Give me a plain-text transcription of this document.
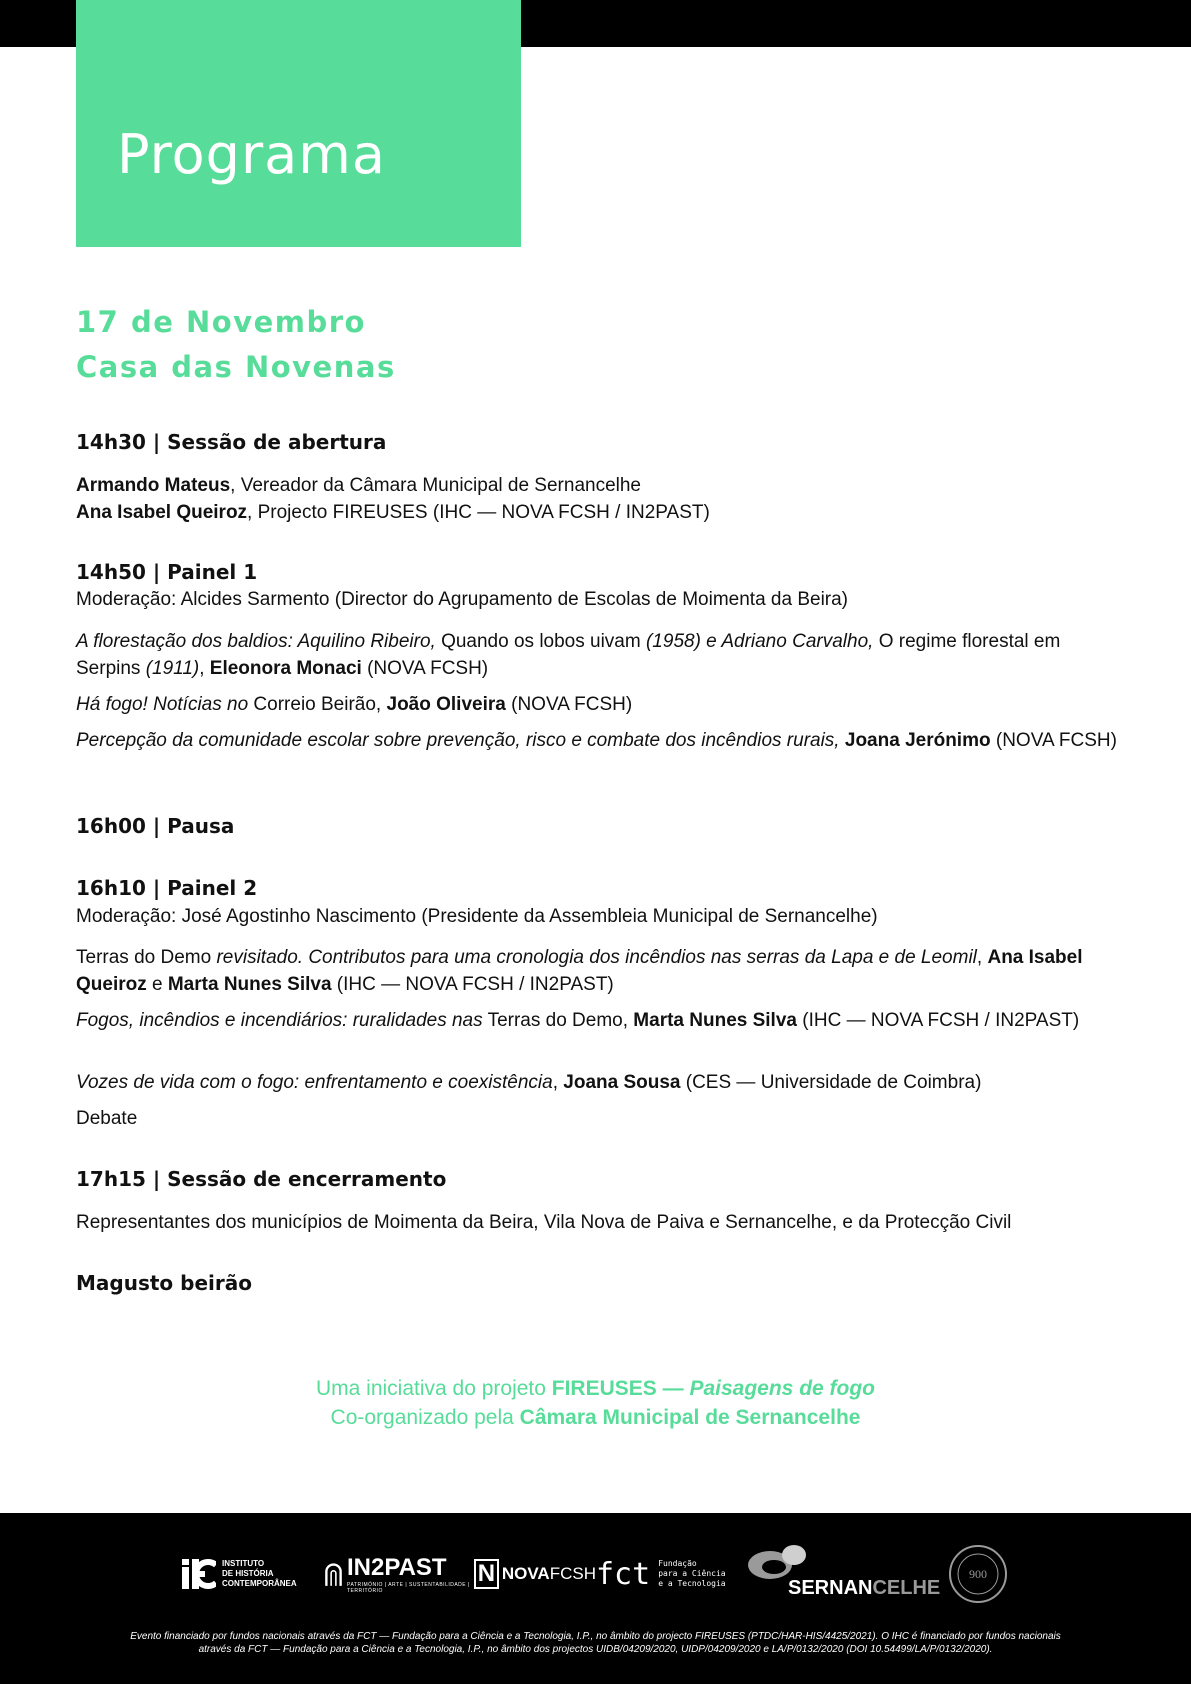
Programa
17 de Novembro
Casa das Novenas
14h30 | Sessão de abertura
Armando Mateus, Vereador da Câmara Municipal de Sernancelhe
Ana Isabel Queiroz, Projecto FIREUSES (IHC — NOVA FCSH / IN2PAST)
14h50 | Painel 1
Moderação: Alcides Sarmento (Director do Agrupamento de Escolas de Moimenta da Beira)
A florestação dos baldios: Aquilino Ribeiro, Quando os lobos uivam (1958) e Adriano Carvalho, O regime florestal em Serpins (1911), Eleonora Monaci (NOVA FCSH)
Há fogo! Notícias no Correio Beirão, João Oliveira (NOVA FCSH)
Percepção da comunidade escolar sobre prevenção, risco e combate dos incêndios rurais, Joana Jerónimo (NOVA FCSH)
16h00 | Pausa
16h10 | Painel 2
Moderação: José Agostinho Nascimento (Presidente da Assembleia Municipal de Sernancelhe)
Terras do Demo revisitado. Contributos para uma cronologia dos incêndios nas serras da Lapa e de Leomil, Ana Isabel Queiroz e Marta Nunes Silva (IHC — NOVA FCSH / IN2PAST)
Fogos, incêndios e incendiários: ruralidades nas Terras do Demo, Marta Nunes Silva (IHC — NOVA FCSH / IN2PAST)
Vozes de vida com o fogo: enfrentamento e coexistência, Joana Sousa (CES — Universidade de Coimbra)
Debate
17h15 | Sessão de encerramento
Representantes dos municípios de Moimenta da Beira, Vila Nova de Paiva e Sernancelhe, e da Protecção Civil
Magusto beirão
Uma iniciativa do projeto FIREUSES — Paisagens de fogo
Co-organizado pela Câmara Municipal de Sernancelhe
INSTITUTO
DE HISTÓRIA
CONTEMPORÂNEA
IN2PAST
PATRIMÓNIO | ARTE | SUSTENTABILIDADE | TERRITÓRIO
N NOVA FCSH fct Fundação
para a Ciência
e a Tecnologia	SERNANCELHE
900
Evento financiado por fundos nacionais através da FCT — Fundação para a Ciência e a Tecnologia, I.P., no âmbito do projecto FIREUSES (PTDC/HAR-HIS/4425/2021). O IHC é financiado por fundos nacionais
através da FCT — Fundação para a Ciência e a Tecnologia, I.P., no âmbito dos projectos UIDB/04209/2020, UIDP/04209/2020 e LA/P/0132/2020 (DOI 10.54499/LA/P/0132/2020).
